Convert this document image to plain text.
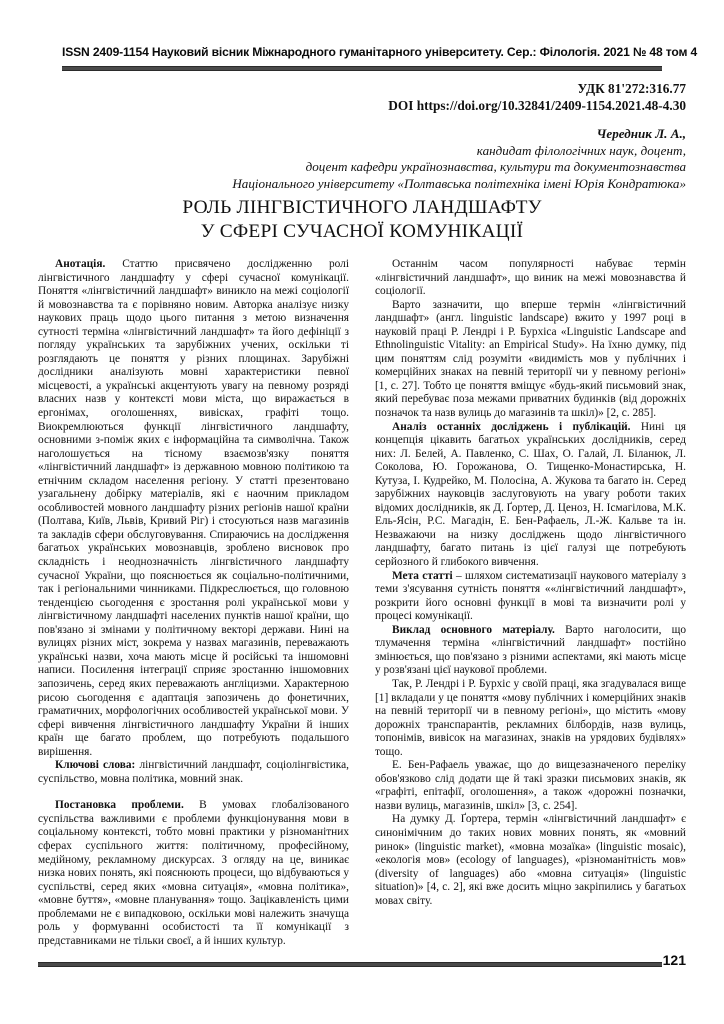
ISSN 2409-1154 Науковий вісник Міжнародного гуманітарного університету. Сер.: Філологія. 2021 № 48 том 4
УДК 81'272:316.77
DOI https://doi.org/10.32841/2409-1154.2021.48-4.30
Чередник Л. А.,
кандидат філологічних наук, доцент,
доцент кафедри українознавства, культури та документознавства
Національного університету «Полтавська політехніка імені Юрія Кондратюка»
РОЛЬ ЛІНГВІСТИЧНОГО ЛАНДШАФТУ
У СФЕРІ СУЧАСНОЇ КОМУНІКАЦІЇ

Анотація. Статтю присвячено дослідженню ролі лінгвістичного ландшафту у сфері сучасної комунікації. Поняття «лінгвістичний ландшафт» виникло на межі соціології й мовознавства та є порівняно новим. Авторка аналізує низку наукових праць щодо цього питання з метою визначення сутності терміна «лінгвістичний ландшафт» та його дефініції з погляду українських та зарубіжних учених, оскільки ті розглядають це поняття у різних площинах. Зарубіжні дослідники аналізують мовні характеристики певної місцевості, а українські акцентують увагу на певному розряді власних назв у контексті мови міста, що виражається в ергонімах, оголошеннях, вивісках, графіті тощо. Виокремлюються функції лінгвістичного ландшафту, основними з-поміж яких є інформаційна та символічна. Також наголошується на тісному взаємозв'язку поняття «лінгвістичний ландшафт» із державною мовною політикою та етнічним складом населення регіону. У статті презентовано узагальнену добірку матеріалів, які є наочним прикладом особливостей мовного ландшафту різних регіонів нашої країни (Полтава, Київ, Львів, Кривий Ріг) і стосуються назв магазинів та закладів сфери обслуговування. Спираючись на дослідження багатьох українських мовознавців, зроблено висновок про складність і неоднозначність лінгвістичного ландшафту сучасної України, що пояснюється як соціально-політичними, так і регіональними чинниками. Підкреслюється, що головною тенденцією сьогодення є зростання ролі української мови у лінгвістичному ландшафті населених пунктів нашої країни, що пов'язано зі змінами у політичному векторі держави. Нині на вулицях різних міст, зокрема у назвах магазинів, переважають українські назви, хоча мають місце й російські та іншомовні написи. Посилення інтеграції сприяє зростанню іншомовних запозичень, серед яких переважають англіцизми. Характерною рисою сьогодення є адаптація запозичень до фонетичних, граматичних, морфологічних особливостей української мови. У сфері вивчення лінгвістичного ландшафту України й інших країн ще багато проблем, що потребують подальшого вирішення.

Ключові слова: лінгвістичний ландшафт, соціолінгвістика, суспільство, мовна політика, мовний знак.

Постановка проблеми. В умовах глобалізованого суспільства важливими є проблеми функціонування мови в соціальному контексті, тобто мовні практики у різноманітних сферах суспільного життя: політичному, професійному, медійному, рекламному дискурсах. З огляду на це, виникає низка нових понять, які пояснюють процеси, що відбуваються у суспільстві, серед яких «мовна ситуація», «мовна політика», «мовне буття», «мовне планування» тощо. Зацікавленість цими проблемами не є випадковою, оскільки мові належить значуща роль у формуванні особистості та її комунікації з представниками не тільки своєї, а й інших культур.

Останнім часом популярності набуває термін «лінгвістичний ландшафт», що виник на межі мовознавства й соціології.

Варто зазначити, що вперше термін «лінгвістичний ландшафт» (англ. linguistic landscape) вжито у 1997 році в науковій праці Р. Лендрі і Р. Бурхіса «Linguistic Landscape and Ethnolinguistic Vitality: an Empirical Study». На їхню думку, під цим поняттям слід розуміти «видимість мов у публічних і комерційних знаках на певній території чи у певному регіоні» [1, с. 27]. Тобто це поняття вміщує «будь-який письмовий знак, який перебуває поза межами приватних будинків (від дорожніх позначок та назв вулиць до магазинів та шкіл)» [2, с. 285].

Аналіз останніх досліджень і публікацій. Нині ця концепція цікавить багатьох українських дослідників, серед них: Л. Белей, А. Павленко, С. Шах, О. Галай, Л. Біланюк, Л. Соколова, Ю. Горожанова, О. Тищенко-Монастирська, Н. Кутуза, І. Кудрейко, М. Полосіна, А. Жукова та багато ін. Серед зарубіжних науковців заслуговують на увагу роботи таких відомих дослідників, як Д. Ґортер, Д. Ценоз, Н. Ісмагілова, М.К. Ель-Ясін, Р.С. Магадін, Е. Бен-Рафаель, Л.-Ж. Кальве та ін. Незважаючи на низку досліджень щодо лінгвістичного ландшафту, багато питань із цієї галузі ще потребують серйозного й глибокого вивчення.

Мета статті – шляхом систематизації наукового матеріалу з теми з'ясування сутність поняття ««лінгвістичний ландшафт», розкрити його основні функції в мові та визначити ролі у процесі комунікації.

Виклад основного матеріалу. Варто наголосити, що тлумачення терміна «лінгвістичний ландшафт» постійно змінюється, що пов'язано з різними аспектами, які мають місце у розв'язані цієї наукової проблеми.

Так, Р. Лендрі і Р. Бурхіс у своїй праці, яка згадувалася вище [1] вкладали у це поняття «мову публічних і комерційних знаків на певній території чи в певному регіоні», що містить «мову дорожніх транспарантів, рекламних білбордів, назв вулиць, топонімів, вивісок на магазинах, знаків на урядових будівлях» тощо.

Е. Бен-Рафаель уважає, що до вищезазначеного переліку обов'язково слід додати ще й такі зразки письмових знаків, як «графіті, епітафії, оголошення», а також «дорожні позначки, назви вулиць, магазинів, шкіл» [3, с. 254].

На думку Д. Ґортера, термін «лінгвістичний ландшафт» є синонімічним до таких нових мовних понять, як «мовний ринок» (linguistic market), «мовна мозаїка» (linguistic mosaic), «екологія мов» (ecology of languages), «різноманітність мов» (diversity of languages) або «мовна ситуація» (linguistic situation)» [4, с. 2], які вже досить міцно закріпились у багатьох мовах світу.

121
